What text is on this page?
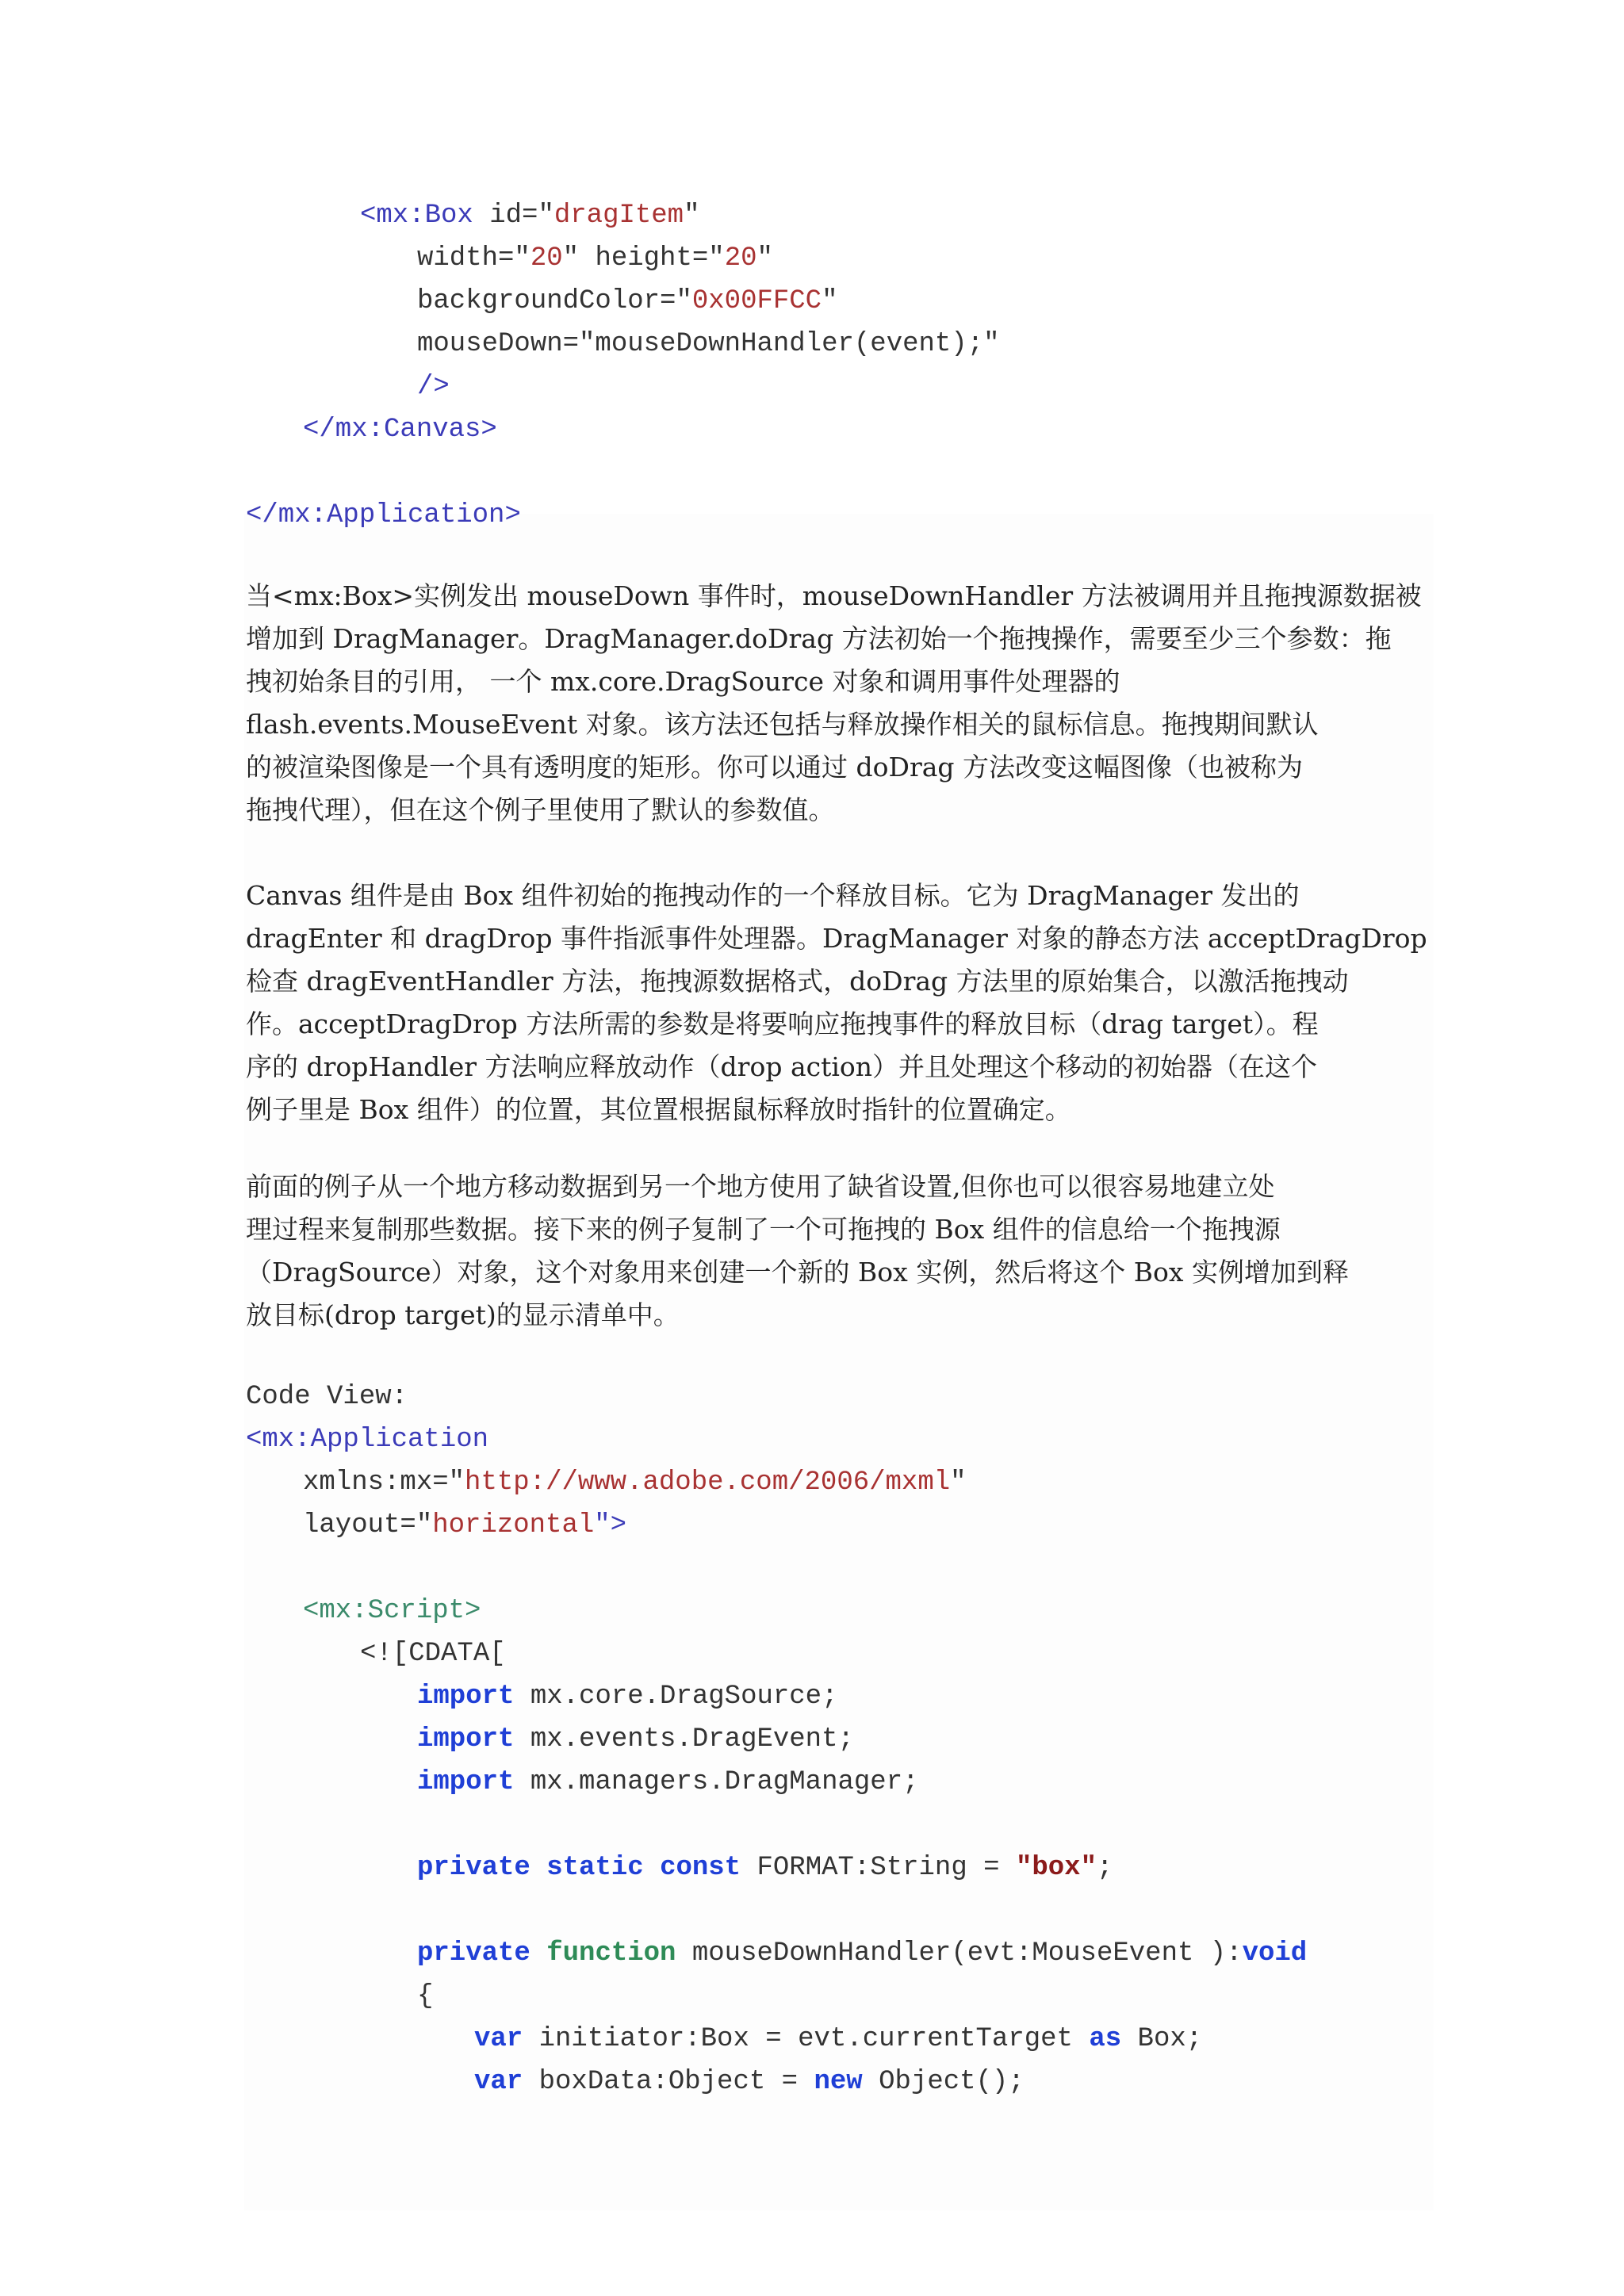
<mx:Box id="dragItem"
width="20" height="20"
backgroundColor="0x00FFCC"
mouseDown="mouseDownHandler(event);"
/>
</mx:Canvas>
</mx:Application>

当<mx:Box>实例发出 mouseDown 事件时，mouseDownHandler 方法被调用并且拖拽源数据被
增加到 DragManager。DragManager.doDrag 方法初始一个拖拽操作，需要至少三个参数：拖
拽初始条目的引用， 一个 mx.core.DragSource 对象和调用事件处理器的
flash.events.MouseEvent 对象。该方法还包括与释放操作相关的鼠标信息。拖拽期间默认
的被渲染图像是一个具有透明度的矩形。你可以通过 doDrag 方法改变这幅图像（也被称为
拖拽代理），但在这个例子里使用了默认的参数值。

Canvas 组件是由 Box 组件初始的拖拽动作的一个释放目标。它为 DragManager 发出的
dragEnter 和 dragDrop 事件指派事件处理器。DragManager 对象的静态方法 acceptDragDrop
检查 dragEventHandler 方法，拖拽源数据格式，doDrag 方法里的原始集合，以激活拖拽动
作。acceptDragDrop 方法所需的参数是将要响应拖拽事件的释放目标（drag target）。程
序的 dropHandler 方法响应释放动作（drop action）并且处理这个移动的初始器（在这个
例子里是 Box 组件）的位置，其位置根据鼠标释放时指针的位置确定。

前面的例子从一个地方移动数据到另一个地方使用了缺省设置,但你也可以很容易地建立处
理过程来复制那些数据。接下来的例子复制了一个可拖拽的 Box 组件的信息给一个拖拽源
（DragSource）对象，这个对象用来创建一个新的 Box 实例，然后将这个 Box 实例增加到释
放目标(drop target)的显示清单中。

Code View:
<mx:Application
xmlns:mx="http://www.adobe.com/2006/mxml"
layout="horizontal">
<mx:Script>
<![CDATA[
import mx.core.DragSource;
import mx.events.DragEvent;
import mx.managers.DragManager;
private static const FORMAT:String = "box";
private function mouseDownHandler(evt:MouseEvent ):void
{
var initiator:Box = evt.currentTarget as Box;
var boxData:Object = new Object();
